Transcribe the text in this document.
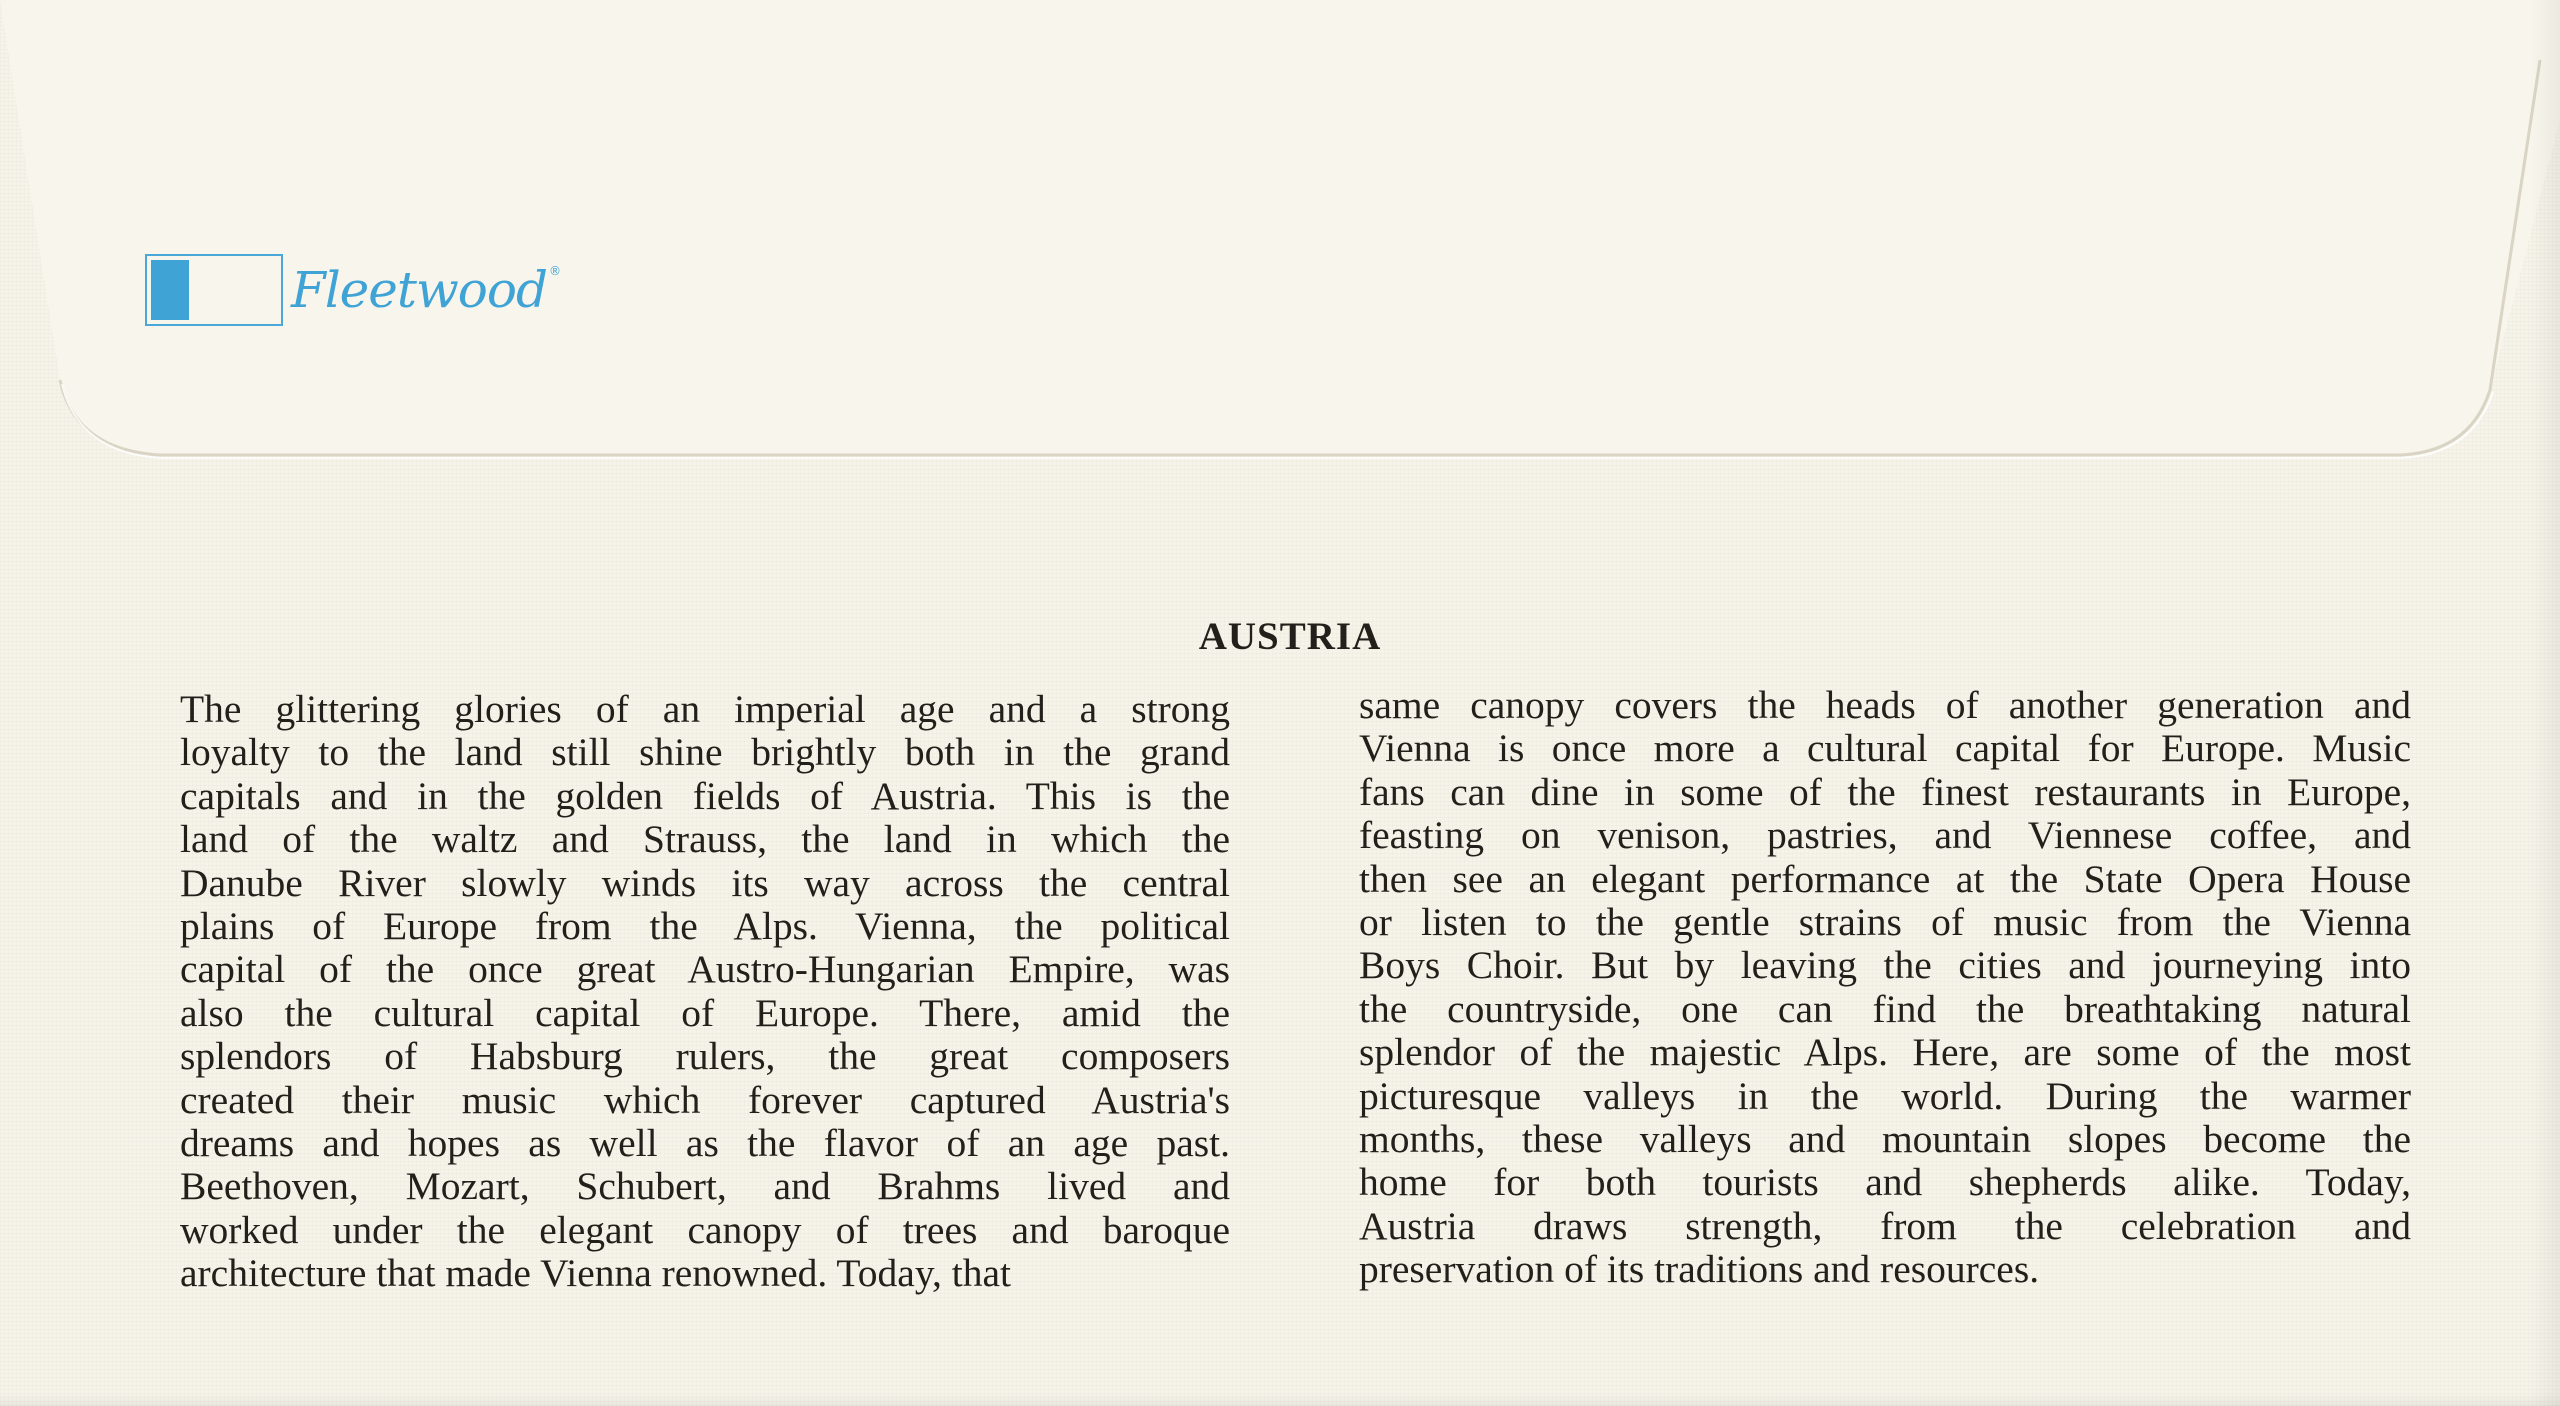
Fleetwood ®
AUSTRIA
The glittering glories of an imperial age and a strong
loyalty to the land still shine brightly both in the grand
capitals and in the golden fields of Austria. This is the
land of the waltz and Strauss, the land in which the
Danube River slowly winds its way across the central
plains of Europe from the Alps. Vienna, the political
capital of the once great Austro-Hungarian Empire, was
also the cultural capital of Europe. There, amid the
splendors of Habsburg rulers, the great composers
created their music which forever captured Austria's
dreams and hopes as well as the flavor of an age past.
Beethoven, Mozart, Schubert, and Brahms lived and
worked under the elegant canopy of trees and baroque
architecture that made Vienna renowned. Today, that
same canopy covers the heads of another generation and
Vienna is once more a cultural capital for Europe. Music
fans can dine in some of the finest restaurants in Europe,
feasting on venison, pastries, and Viennese coffee, and
then see an elegant performance at the State Opera House
or listen to the gentle strains of music from the Vienna
Boys Choir. But by leaving the cities and journeying into
the countryside, one can find the breathtaking natural
splendor of the majestic Alps. Here, are some of the most
picturesque valleys in the world. During the warmer
months, these valleys and mountain slopes become the
home for both tourists and shepherds alike. Today,
Austria draws strength, from the celebration and
preservation of its traditions and resources.
